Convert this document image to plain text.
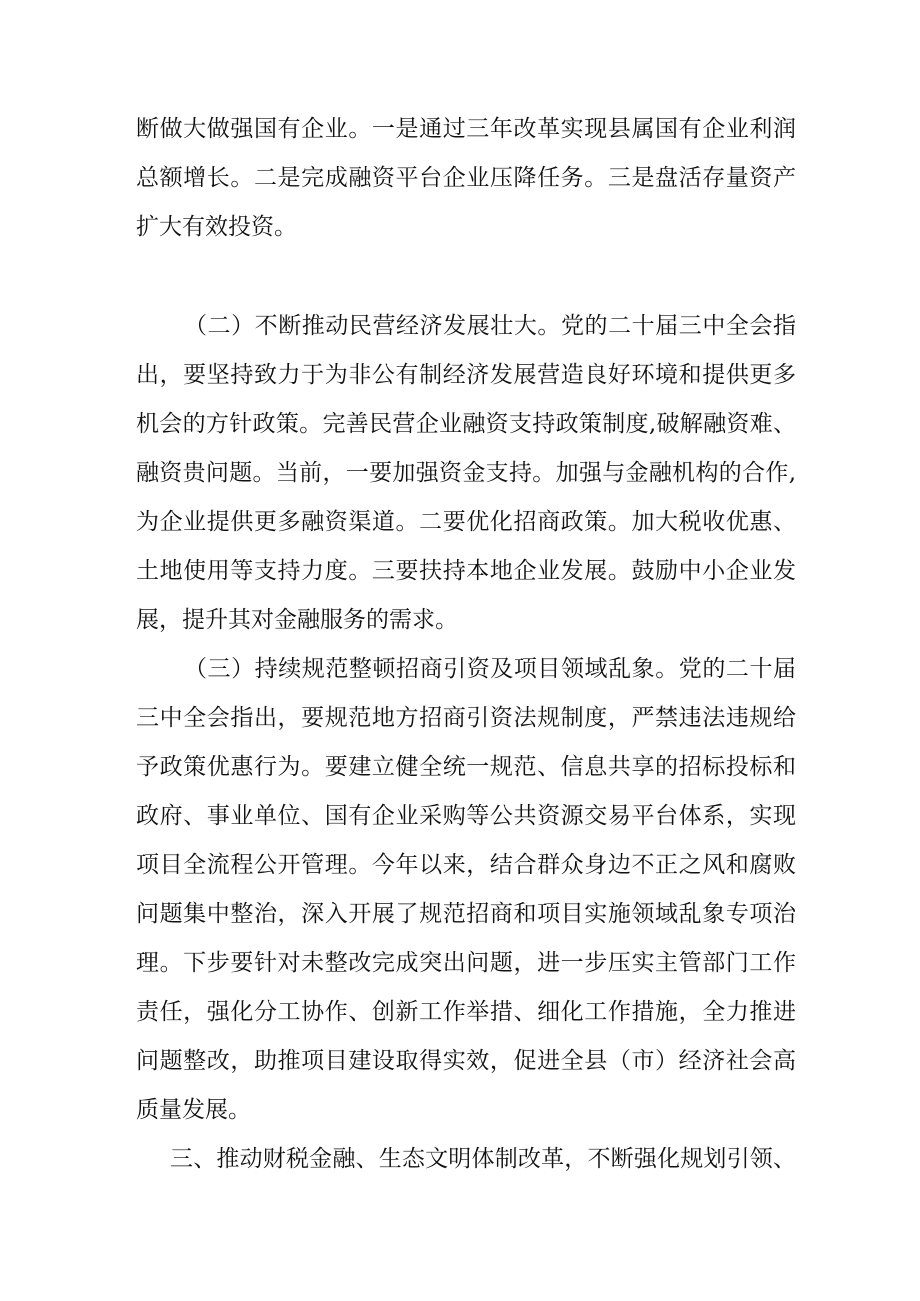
断做大做强国有企业。一是通过三年改革实现县属国有企业利润
总额增长。二是完成融资平台企业压降任务。三是盘活存量资产
扩大有效投资。
（二）不断推动民营经济发展壮大。党的二十届三中全会指
出，要坚持致力于为非公有制经济发展营造良好环境和提供更多
机会的方针政策。完善民营企业融资支持政策制度,破解融资难、
融资贵问题。当前，一要加强资金支持。加强与金融机构的合作,
为企业提供更多融资渠道。二要优化招商政策。加大税收优惠、
土地使用等支持力度。三要扶持本地企业发展。鼓励中小企业发
展，提升其对金融服务的需求。
（三）持续规范整顿招商引资及项目领域乱象。党的二十届
三中全会指出，要规范地方招商引资法规制度，严禁违法违规给
予政策优惠行为。要建立健全统一规范、信息共享的招标投标和
政府、事业单位、国有企业采购等公共资源交易平台体系，实现
项目全流程公开管理。今年以来，结合群众身边不正之风和腐败
问题集中整治，深入开展了规范招商和项目实施领域乱象专项治
理。下步要针对未整改完成突出问题，进一步压实主管部门工作
责任，强化分工协作、创新工作举措、细化工作措施，全力推进
问题整改，助推项目建设取得实效，促进全县（市）经济社会高
质量发展。
三、推动财税金融、生态文明体制改革，不断强化规划引领、
